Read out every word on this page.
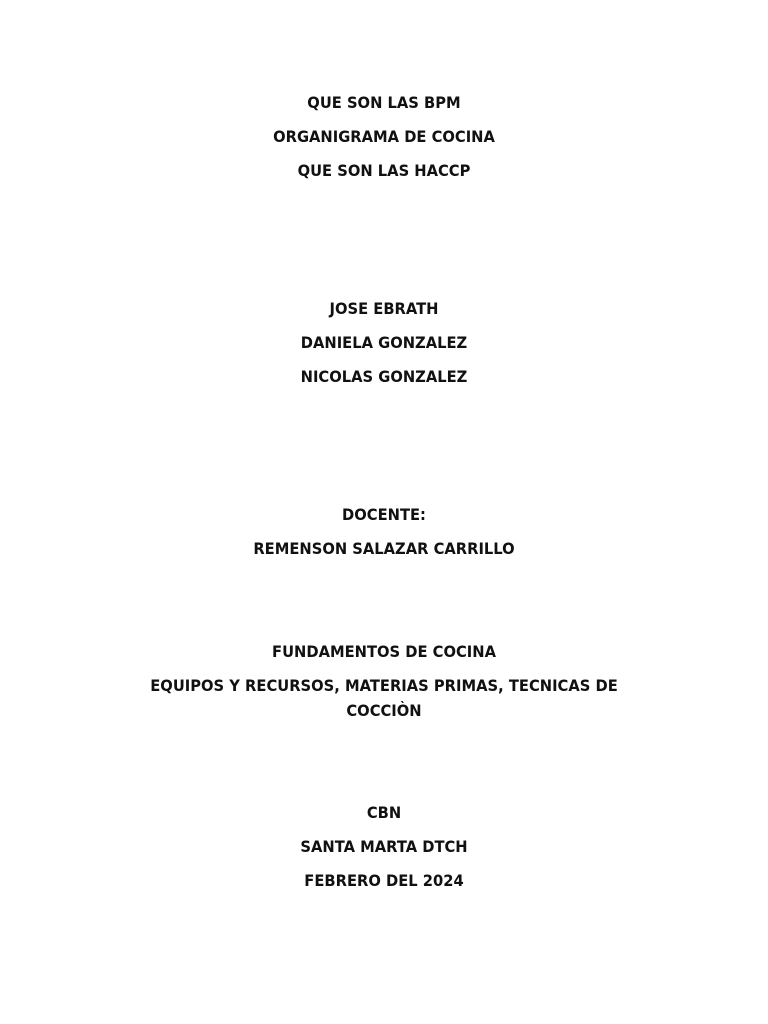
QUE SON LAS BPM
ORGANIGRAMA DE COCINA
QUE SON LAS HACCP
JOSE EBRATH
DANIELA GONZALEZ
NICOLAS GONZALEZ
DOCENTE:
REMENSON SALAZAR CARRILLO
FUNDAMENTOS DE COCINA
EQUIPOS Y RECURSOS, MATERIAS PRIMAS, TECNICAS DE
COCCIÒN
CBN
SANTA MARTA DTCH
FEBRERO DEL 2024
